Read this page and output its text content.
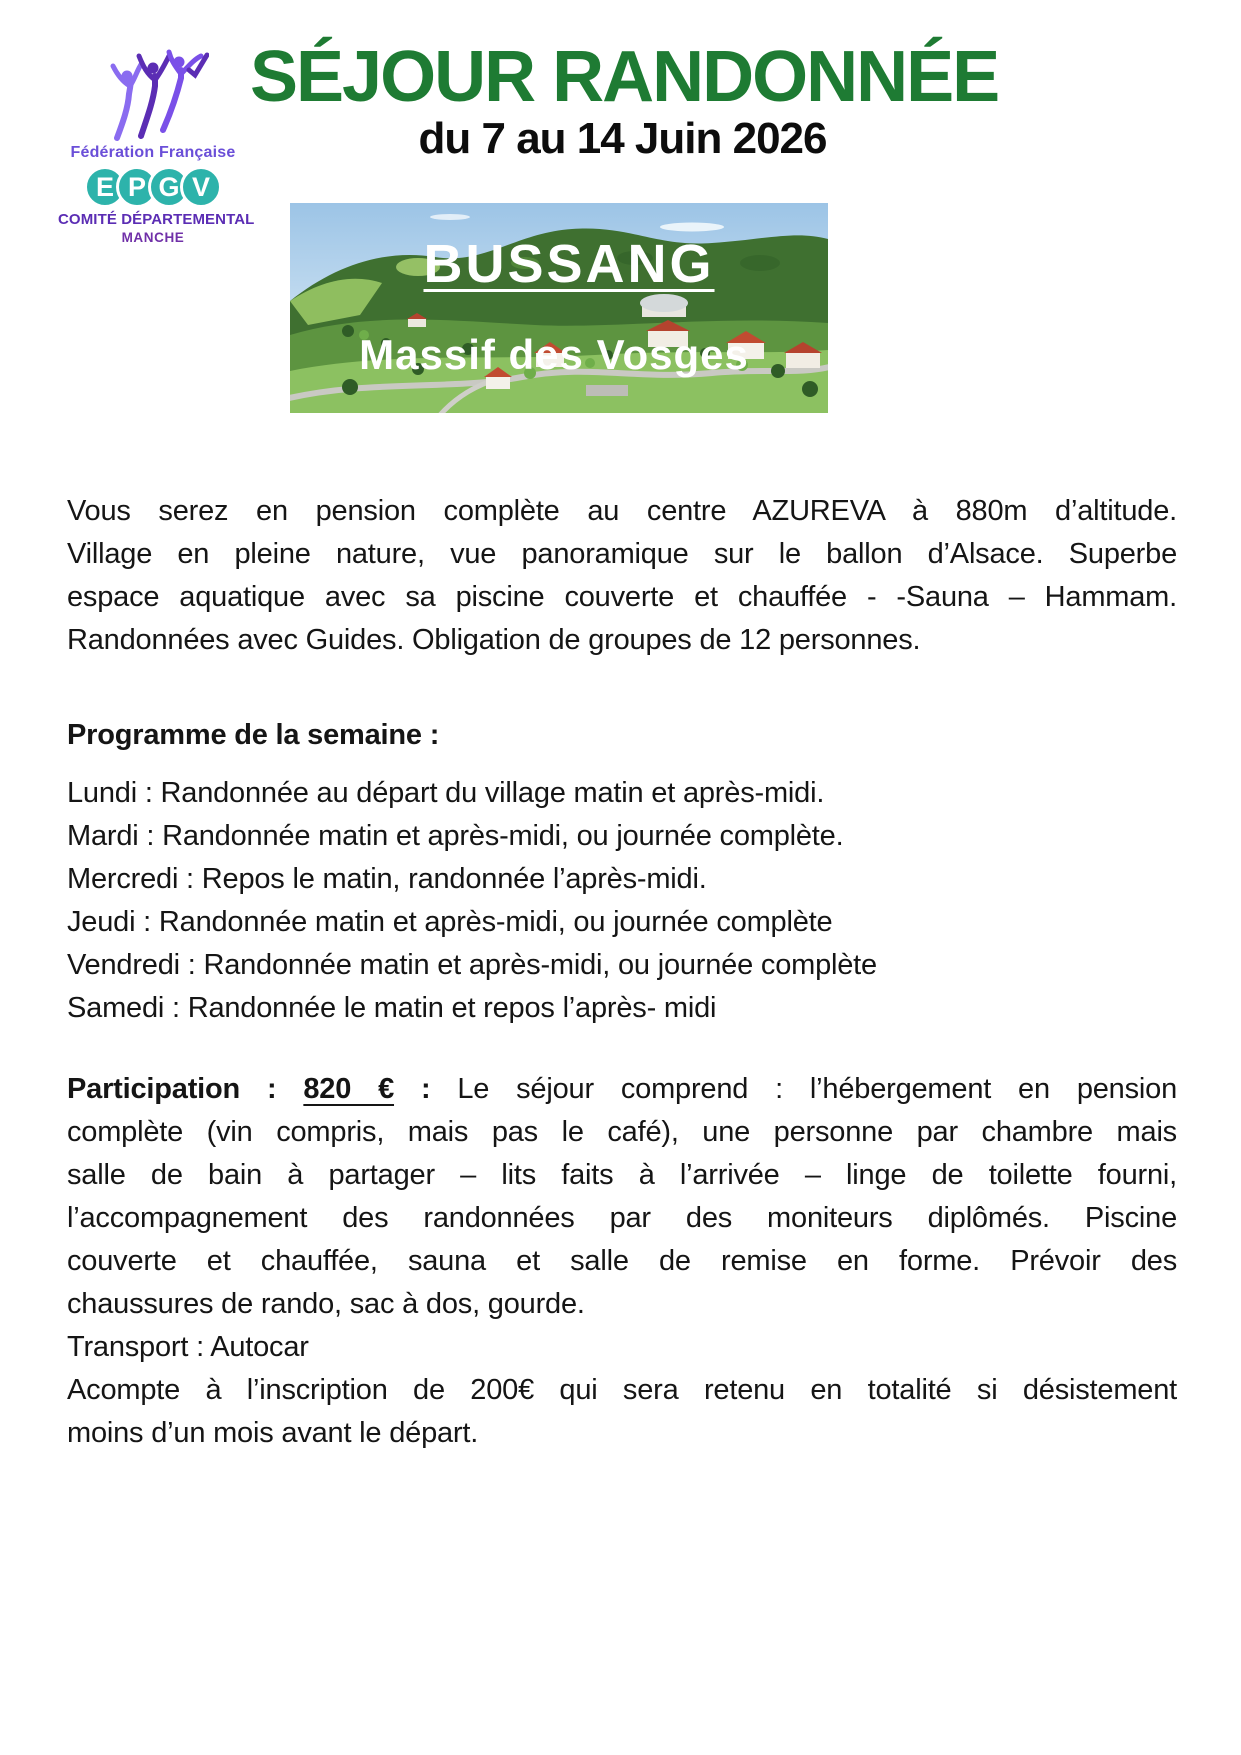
Fédération Française
E P G V
COMITÉ DÉPARTEMENTAL
MANCHE
SÉJOUR RANDONNÉE
du 7 au 14 Juin 2026
BUSSANG
Massif des Vosges
Vous serez en pension complète au centre AZUREVA à 880m d’altitude.
Village en pleine nature, vue panoramique sur le ballon d’Alsace. Superbe
espace aquatique avec sa piscine couverte et chauffée - -Sauna – Hammam.
Randonnées avec Guides. Obligation de groupes de 12 personnes.
Programme de la semaine :
Lundi : Randonnée au départ du village matin et après-midi.
Mardi : Randonnée matin et après-midi, ou journée complète.
Mercredi : Repos le matin, randonnée l’après-midi.
Jeudi : Randonnée matin et après-midi, ou journée complète
Vendredi : Randonnée matin et après-midi, ou journée complète
Samedi : Randonnée le matin et repos l’après- midi
Participation : 820 € : Le séjour comprend : l’hébergement en pension
complète (vin compris, mais pas le café), une personne par chambre mais
salle de bain à partager – lits faits à l’arrivée – linge de toilette fourni,
l’accompagnement des randonnées par des moniteurs diplômés. Piscine
couverte et chauffée, sauna et salle de remise en forme. Prévoir des
chaussures de rando, sac à dos, gourde.
Transport : Autocar
Acompte à l’inscription de 200€ qui sera retenu en totalité si désistement
moins d’un mois avant le départ.
